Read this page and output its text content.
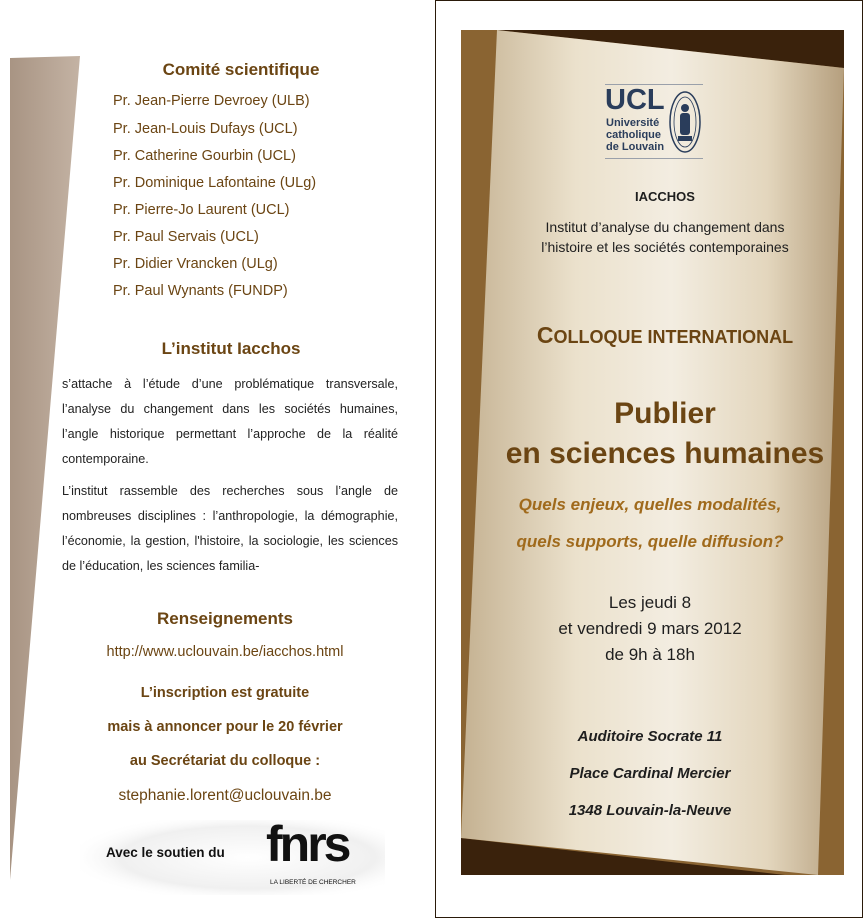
Comité scientifique
Pr. Jean-Pierre Devroey (ULB)
Pr. Jean-Louis Dufays (UCL)
Pr. Catherine Gourbin (UCL)
Pr. Dominique Lafontaine (ULg)
Pr. Pierre-Jo Laurent (UCL)
Pr. Paul Servais (UCL)
Pr. Didier Vrancken (ULg)
Pr. Paul Wynants (FUNDP)
L’institut Iacchos
s’attache à l’étude d’une problématique transversale, l’analyse du changement dans les sociétés humaines, l’angle historique permettant l’approche de la réalité contemporaine.
L’institut rassemble des recherches sous l’angle de nombreuses disciplines : l’anthropologie, la démographie, l’économie, la gestion, l'histoire, la sociologie, les sciences de l’éducation, les sciences familia-
Renseignements
http://www.uclouvain.be/iacchos.html
L’inscription est gratuite
mais à annoncer pour le 20 février
au Secrétariat du colloque :
stephanie.lorent@uclouvain.be
Avec le soutien du fnrs
LA LIBERTÉ DE CHERCHER
UCL
Université
catholique
de Louvain
IACCHOS
Institut d’analyse du changement dans
l’histoire et les sociétés contemporaines
COLLOQUE INTERNATIONAL
Publier
en sciences humaines
Quels enjeux, quelles modalités,
quels supports, quelle diffusion?
Les jeudi 8
et vendredi 9 mars 2012
de 9h à 18h
Auditoire Socrate 11
Place Cardinal Mercier
1348 Louvain-la-Neuve
